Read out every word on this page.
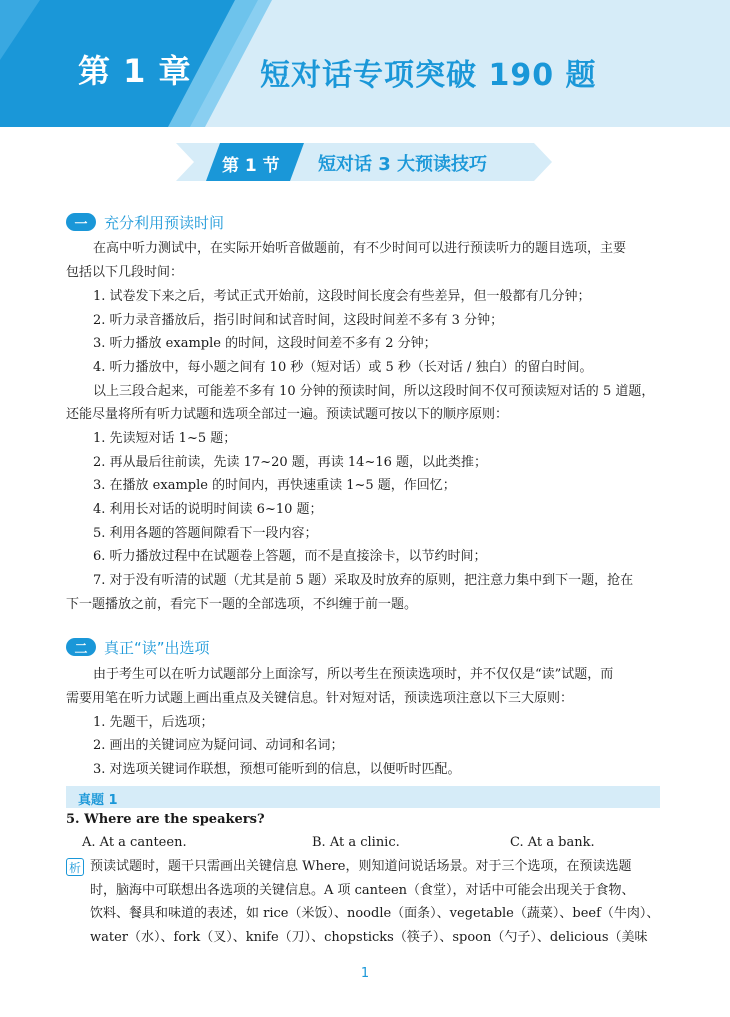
第 1 章 短对话专项突破 190 题
第 1 节 短对话 3 大预读技巧
一	充分利用预读时间
在高中听力测试中，在实际开始听音做题前，有不少时间可以进行预读听力的题目选项，主要
包括以下几段时间：
1. 试卷发下来之后，考试正式开始前，这段时间长度会有些差异，但一般都有几分钟；
2. 听力录音播放后，指引时间和试音时间，这段时间差不多有 3 分钟；
3. 听力播放 example 的时间，这段时间差不多有 2 分钟；
4. 听力播放中，每小题之间有 10 秒（短对话）或 5 秒（长对话 / 独白）的留白时间。
以上三段合起来，可能差不多有 10 分钟的预读时间，所以这段时间不仅可预读短对话的 5 道题，
还能尽量将所有听力试题和选项全部过一遍。预读试题可按以下的顺序原则：
1. 先读短对话 1~5 题；
2. 再从最后往前读，先读 17~20 题，再读 14~16 题，以此类推；
3. 在播放 example 的时间内，再快速重读 1~5 题，作回忆；
4. 利用长对话的说明时间读 6~10 题；
5. 利用各题的答题间隙看下一段内容；
6. 听力播放过程中在试题卷上答题，而不是直接涂卡，以节约时间；
7. 对于没有听清的试题（尤其是前 5 题）采取及时放弃的原则，把注意力集中到下一题，抢在
下一题播放之前，看完下一题的全部选项，不纠缠于前一题。
二	真正“读”出选项
由于考生可以在听力试题部分上面涂写，所以考生在预读选项时，并不仅仅是“读”试题，而
需要用笔在听力试题上画出重点及关键信息。针对短对话，预读选项注意以下三大原则：
1. 先题干，后选项；
2. 画出的关键词应为疑问词、动词和名词；
3. 对选项关键词作联想，预想可能听到的信息，以便听时匹配。
真题 1
5. Where are the speakers?
A. At a canteen.	B. At a clinic.	C. At a bank.
析 预读试题时，题干只需画出关键信息 Where，则知道问说话场景。对于三个选项，在预读选题
时，脑海中可联想出各选项的关键信息。A 项 canteen（食堂），对话中可能会出现关于食物、
饮料、餐具和味道的表述，如 rice（米饭）、noodle（面条）、vegetable（蔬菜）、beef（牛肉）、
water（水）、fork（叉）、knife（刀）、chopsticks（筷子）、spoon（勺子）、delicious（美味
1
